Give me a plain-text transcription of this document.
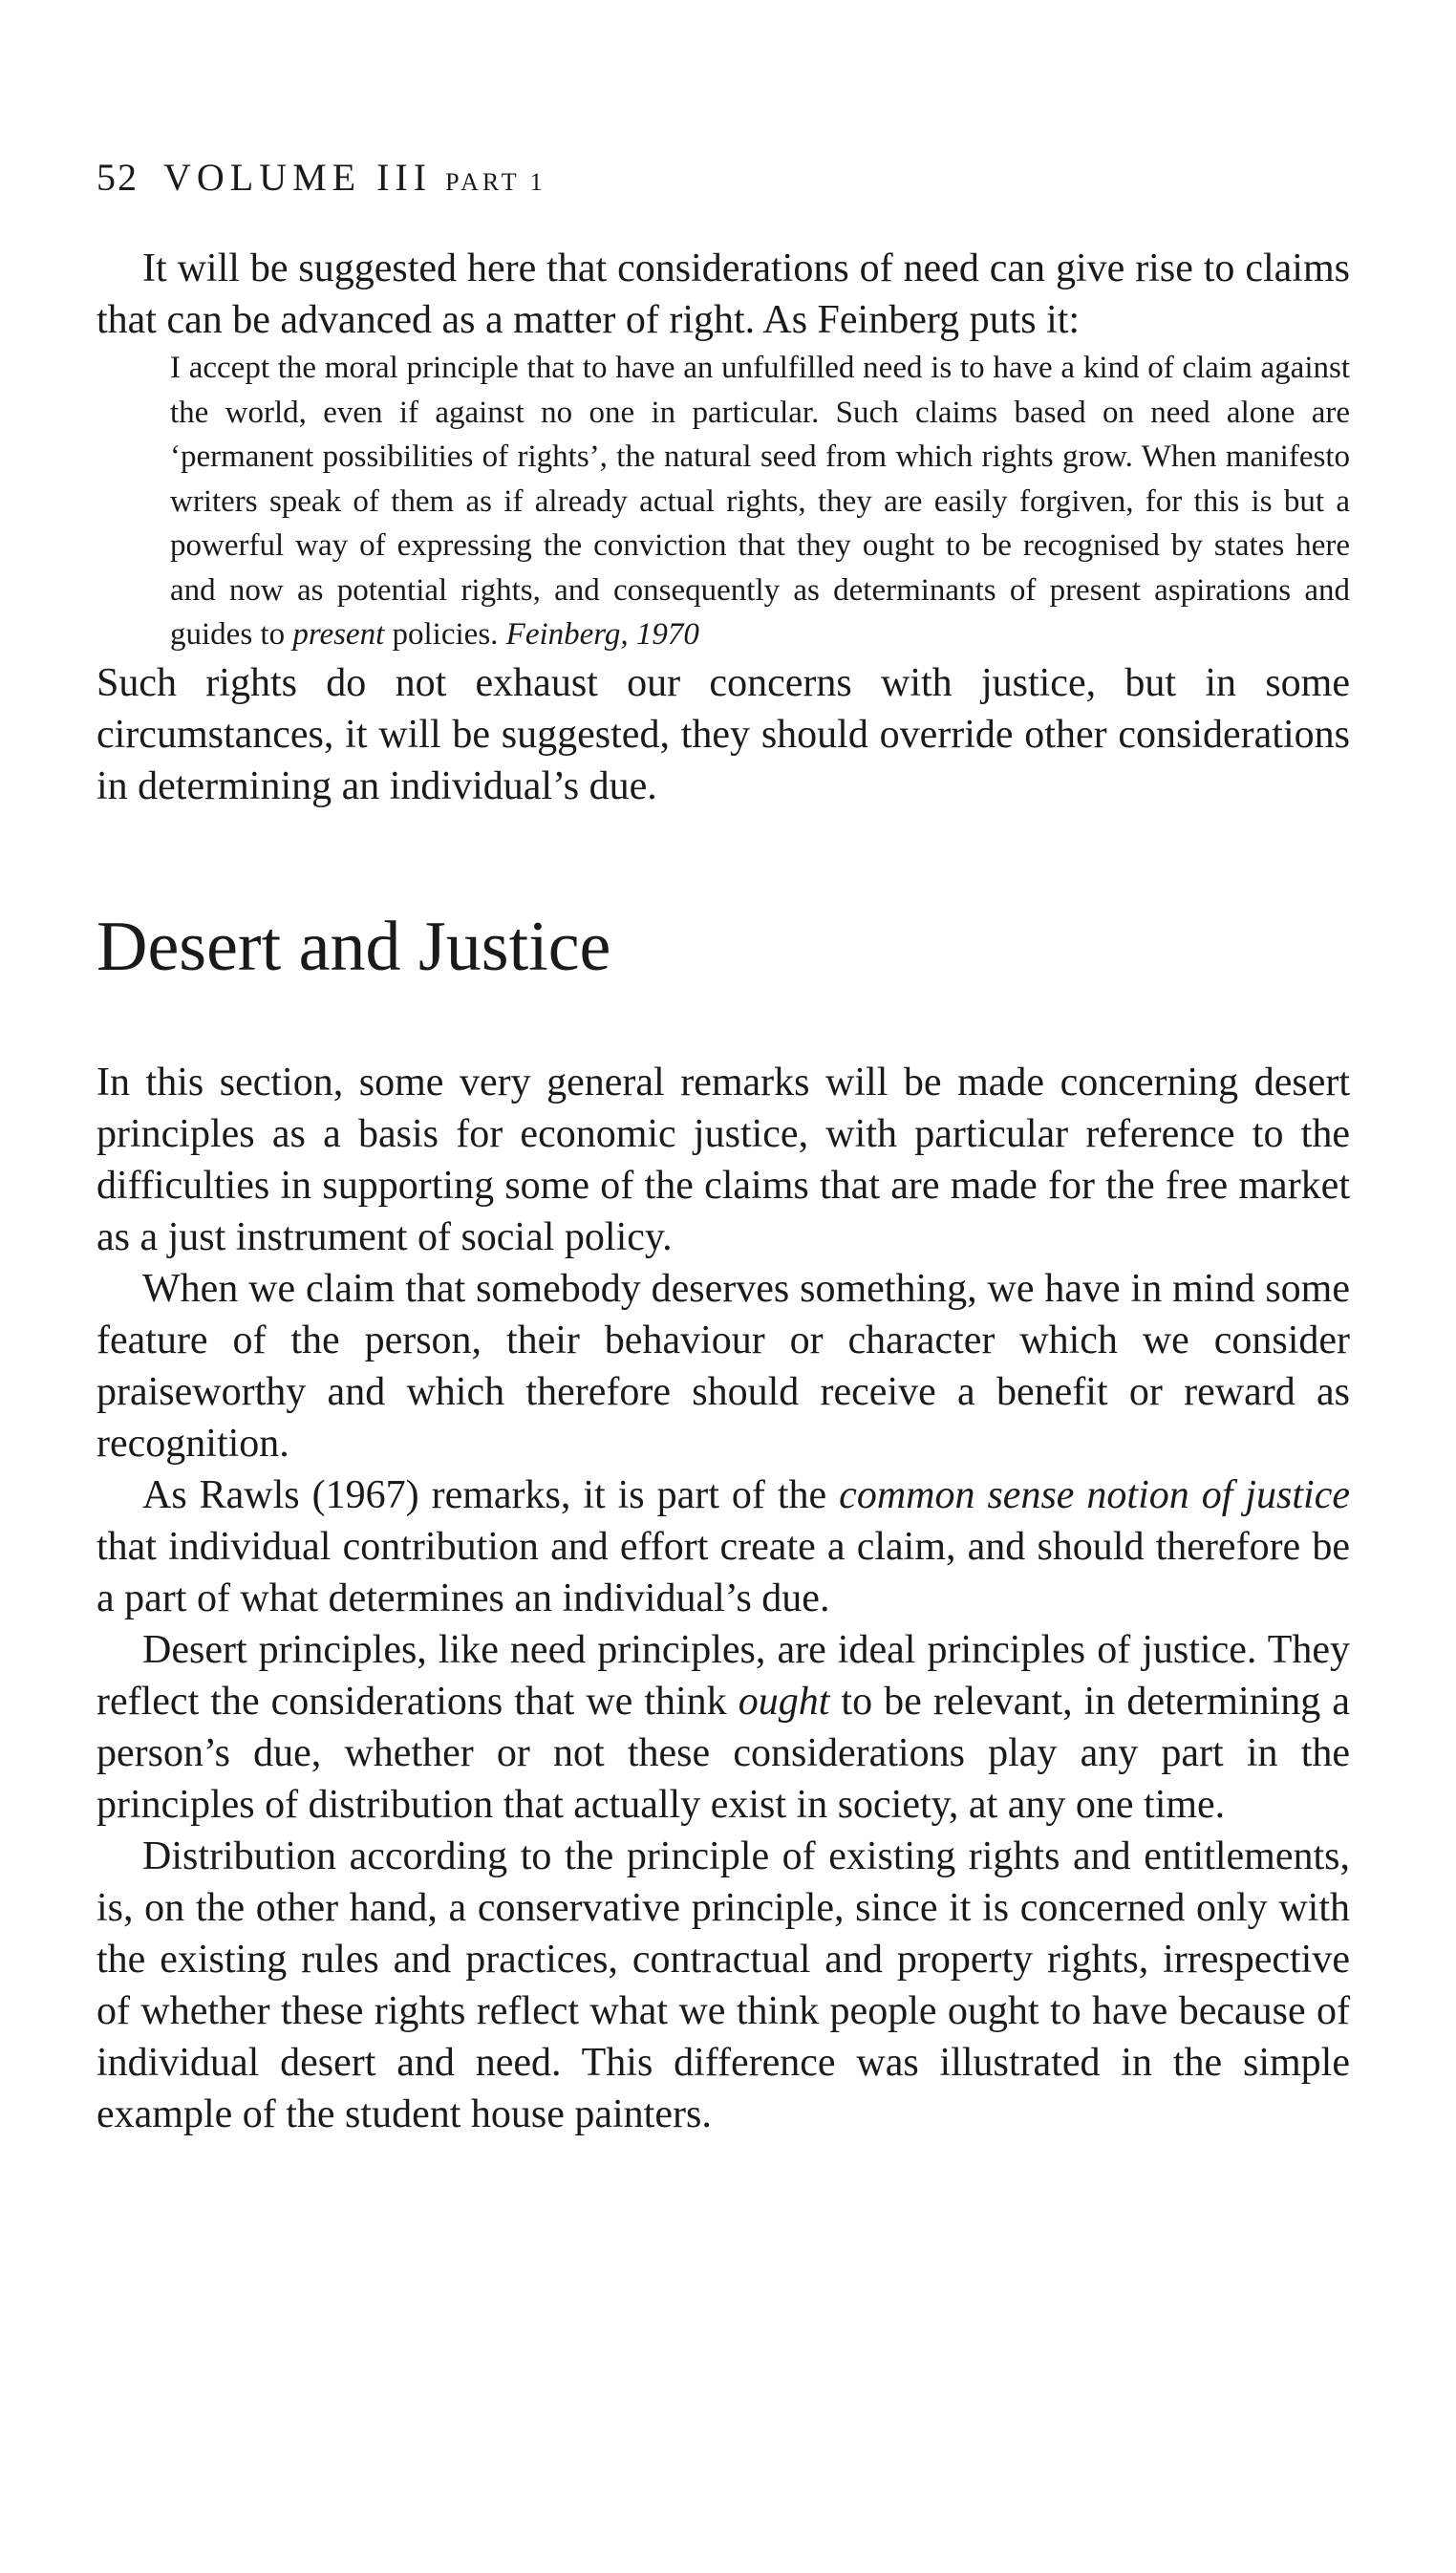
52 VOLUME III PART 1

It will be suggested here that considerations of need can give rise to claims that can be advanced as a matter of right. As Feinberg puts it:

I accept the moral principle that to have an unfulfilled need is to have a kind of claim against the world, even if against no one in particular. Such claims based on need alone are ‘permanent possibilities of rights’, the natural seed from which rights grow. When manifesto writers speak of them as if already actual rights, they are easily forgiven, for this is but a powerful way of expressing the conviction that they ought to be recognised by states here and now as potential rights, and consequently as determinants of present aspirations and guides to present policies. Feinberg, 1970

Such rights do not exhaust our concerns with justice, but in some circumstances, it will be suggested, they should override other considerations in determining an individual’s due.

Desert and Justice

In this section, some very general remarks will be made concerning desert principles as a basis for economic justice, with particular reference to the difficulties in supporting some of the claims that are made for the free market as a just instrument of social policy.

When we claim that somebody deserves something, we have in mind some feature of the person, their behaviour or character which we consider praiseworthy and which therefore should receive a benefit or reward as recognition.

As Rawls (1967) remarks, it is part of the common sense notion of justice that individual contribution and effort create a claim, and should therefore be a part of what determines an individual’s due.

Desert principles, like need principles, are ideal principles of justice. They reflect the considerations that we think ought to be relevant, in determining a person’s due, whether or not these considerations play any part in the principles of distribution that actually exist in society, at any one time.

Distribution according to the principle of existing rights and entitlements, is, on the other hand, a conservative principle, since it is concerned only with the existing rules and practices, contractual and property rights, irrespective of whether these rights reflect what we think people ought to have because of individual desert and need. This difference was illustrated in the simple example of the student house painters.
